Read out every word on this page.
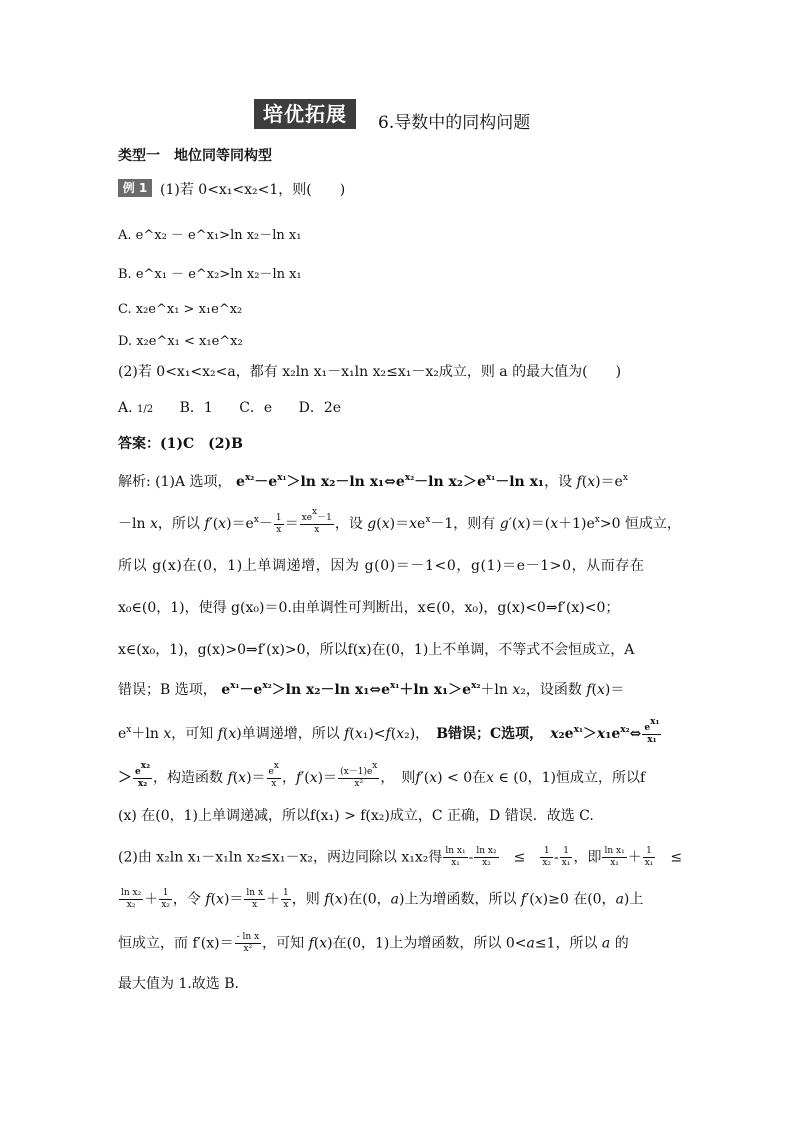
培优拓展	6.导数中的同构问题
类型一　地位同等同构型
例 1 (1)若 0<x₁<x₂<1，则(　　)
A. e^x₂ － e^x₁>ln x₂－ln x₁
B. e^x₁ － e^x₂>ln x₂－ln x₁
C. x₂e^x₁ > x₁e^x₂
D. x₂e^x₁ < x₁e^x₂
(2)若 0<x₁<x₂<a，都有 x₂ln x₁－x₁ln x₂≤x₁－x₂成立，则 a 的最大值为(　　)
A. 1/2 B．1 C．e D．2e
答案：(1)C　(2)B
解析: (1)A 选项， $e^{x_2}-e^{x_1}>\ln$ x₂－ln $x_1\Leftrightarrow e^{x_2}-\ln$ $x_2>e^{x_1}-\ln$ x₁，设 $f(x)=e^x$
－ln x，所以 $f'(x)=e^x- \frac{1}{x} = \frac{xe^x-1}{x}$ ，设 $g(x)=xe^x-1$，则有 $g'(x)=(x+1)e^x>0$ 恒成立，
所以 g(x)在(0，1)上单调递增，因为 g(0)＝－1<0，g(1)＝e－1>0，从而存在
x₀∈(0，1)，使得 g(x₀)＝0.由单调性可判断出，x∈(0，x₀)，g(x)<0⇒f′(x)<0；
x∈(x₀，1)，g(x)>0⇒f′(x)>0，所以f(x)在(0，1)上不单调，不等式不会恒成立，A
错误；B 选项， $e^{x_1}-e^{x_2}>\ln$ x₂－ln $x_1\Leftrightarrow e^{x_1}+\ln$ $x_1>e^{x_2}+\ln$ x₂，设函数 f(x)＝
$e^x+\ln$ x，可知 f(x)单调递增，所以 f(x₁)<f(x₂)，　B错误；C选项，　 $x_2e^{x_1}>x_1e^{x_2}\Leftrightarrow \frac{e^{x_1}}{\text{x₁}}$
＞ $\frac{e^{x_2}}{\text{x₂}}$ ，构造函数 $f(x)= \frac{e^x}{x}$ ，$f'(x)= \frac{(x-1)e^x}{\text{x²}}$ ，　则f′(x) < 0在x ∈ (0，1)恒成立，所以f
(x) 在(0，1)上单调递减，所以f(x₁) > f(x₂)成立，C 正确，D 错误．故选 C.
(2)由 x₂ln x₁－x₁ln x₂≤x₁－x₂，两边同除以 x₁x₂得 $\frac{\text{ln x₁}}{\text{x₁}} - \frac{\text{ln x₂}}{\text{x₂}}$ 　≤　 $\frac{1}{\text{x₂}} - \frac{1}{\text{x₁}}$ ，即 $\frac{\text{ln x₁}}{\text{x₁}} + \frac{1}{\text{x₁}}$ 　≤
$\frac{\text{ln x₂}}{\text{x₂}} + \frac{1}{\text{x₂}}$ ，令 $f(x)= \frac{\text{ln x}}{x} + \frac{1}{x}$ ，则 f(x)在(0，a)上为增函数，所以 f′(x)≥0 在(0，a)上
恒成立，而 $f'(x)= \frac{\text{- ln x}}{\text{x²}}$ ，可知 f(x)在(0，1)上为增函数，所以 0<a≤1，所以 a 的
最大值为 1.故选 B.
